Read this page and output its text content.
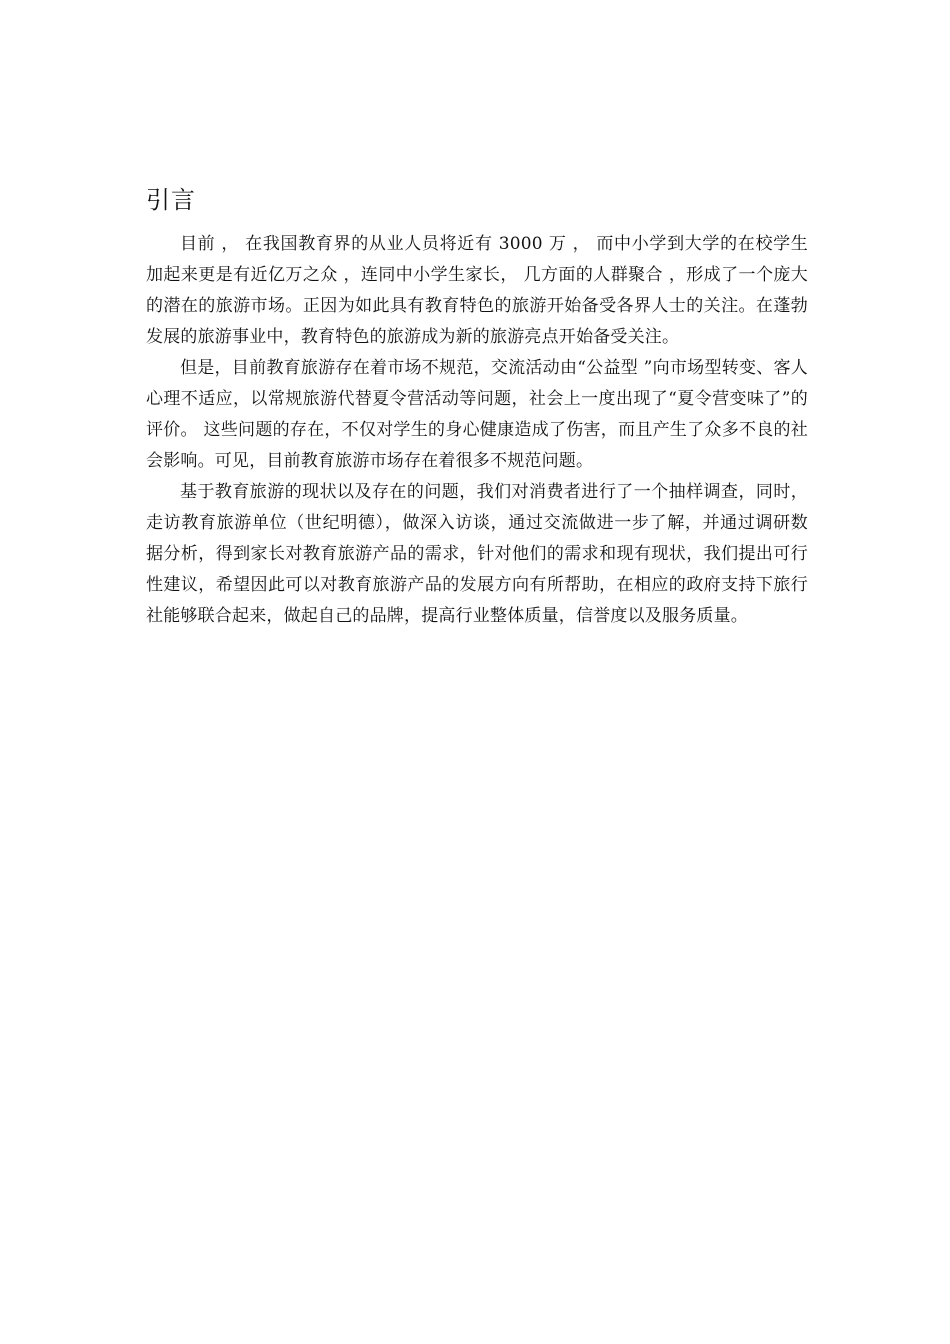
引言

目前 ， 在我国教育界的从业人员将近有 3000 万 ， 而中小学到大学的在校学生加起来更是有近亿万之众 ，连同中小学生家长， 几方面的人群聚合 ，形成了一个庞大的潜在的旅游市场。正因为如此具有教育特色的旅游开始备受各界人士的关注。在蓬勃发展的旅游事业中，教育特色的旅游成为新的旅游亮点开始备受关注。

但是，目前教育旅游存在着市场不规范，交流活动由“公益型 ”向市场型转变、客人心理不适应，以常规旅游代替夏令营活动等问题，社会上一度出现了“夏令营变味了”的评价。 这些问题的存在，不仅对学生的身心健康造成了伤害，而且产生了众多不良的社会影响。可见，目前教育旅游市场存在着很多不规范问题。

基于教育旅游的现状以及存在的问题，我们对消费者进行了一个抽样调查，同时，走访教育旅游单位（世纪明德），做深入访谈，通过交流做进一步了解，并通过调研数据分析，得到家长对教育旅游产品的需求，针对他们的需求和现有现状，我们提出可行性建议，希望因此可以对教育旅游产品的发展方向有所帮助，在相应的政府支持下旅行社能够联合起来，做起自己的品牌，提高行业整体质量，信誉度以及服务质量。
